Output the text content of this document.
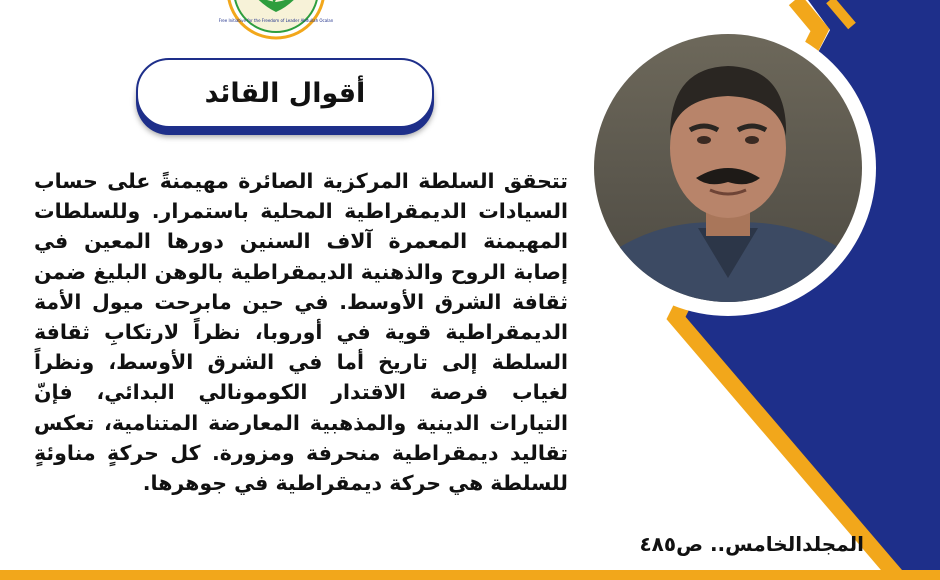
Free Initiative for the Freedom of Leader Abdullah Ocalan
أقوال القائد

تتحقق السلطة المركزية الصائرة مهيمنةً على حساب السيادات الديمقراطية المحلية باستمرار. وللسلطات المهيمنة المعمرة آلاف السنين دورها المعين في إصابة الروح والذهنية الديمقراطية بالوهن البليغ ضمن ثقافة الشرق الأوسط. في حين مابرحت ميول الأمة الديمقراطية قوية في أوروبا، نظراً لارتكابِ ثقافة السلطة إلى تاريخ أما في الشرق الأوسط، ونظراً لغياب فرصة الاقتدار الكومونالي البدائي، فإنّ التيارات الدينية والمذهبية المعارضة المتنامية، تعكس تقاليد ديمقراطية منحرفة ومزورة. كل حركةٍ مناوئةٍ للسلطة هي حركة ديمقراطية في جوهرها.

المجلدالخامس.. ص٤٨٥
